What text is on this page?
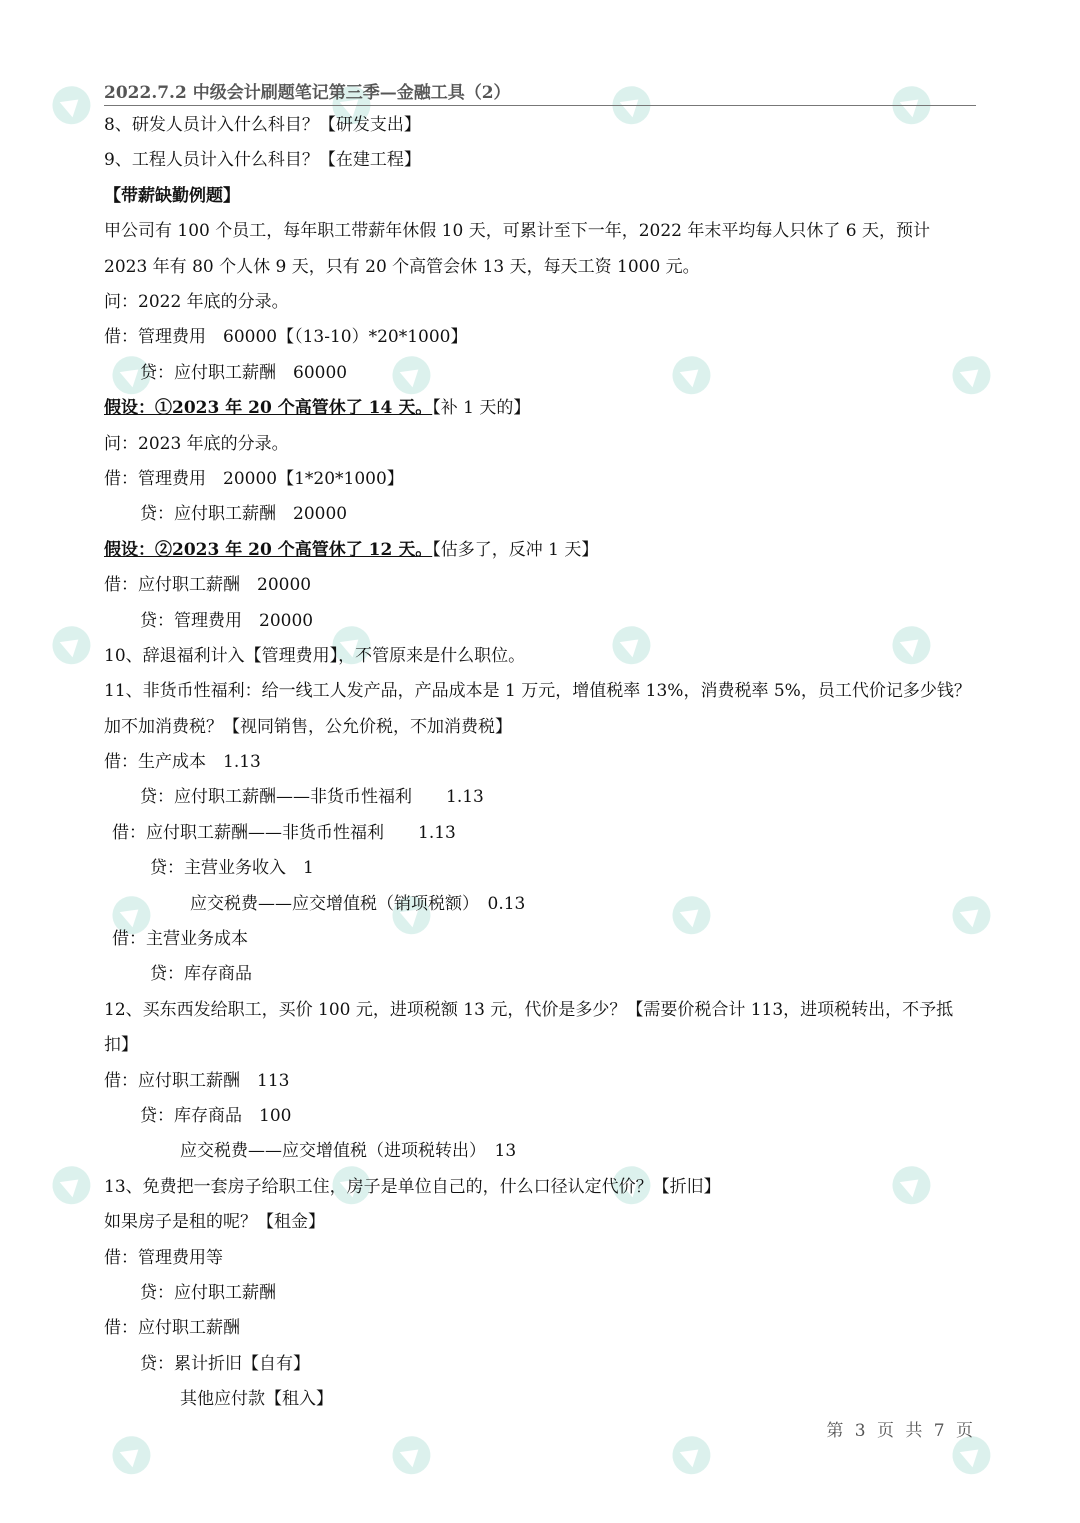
2022.7.2 中级会计刷题笔记第三季—金融工具（2）
8、研发人员计入什么科目？【研发支出】
9、工程人员计入什么科目？【在建工程】
【带薪缺勤例题】
甲公司有 100 个员工，每年职工带薪年休假 10 天，可累计至下一年，2022 年末平均每人只休了 6 天，预计 2023 年有 80 个人休 9 天，只有 20 个高管会休 13 天，每天工资 1000 元。
问：2022 年底的分录。
借：管理费用　60000【（13-10）*20*1000】
贷：应付职工薪酬　60000
假设：①2023 年 20 个高管休了 14 天。【补 1 天的】
问：2023 年底的分录。
借：管理费用　20000【1*20*1000】
贷：应付职工薪酬　20000
假设：②2023 年 20 个高管休了 12 天。【估多了，反冲 1 天】
借：应付职工薪酬　20000
贷：管理费用　20000
10、辞退福利计入【管理费用】，不管原来是什么职位。
11、非货币性福利：给一线工人发产品，产品成本是 1 万元，增值税率 13%，消费税率 5%，员工代价记多少钱？加不加消费税？【视同销售，公允价税，不加消费税】
借：生产成本　1.13
贷：应付职工薪酬——非货币性福利　　1.13
借：应付职工薪酬——非货币性福利　　1.13
贷：主营业务收入　1
应交税费——应交增值税（销项税额）　0.13
借：主营业务成本
贷：库存商品
12、买东西发给职工，买价 100 元，进项税额 13 元，代价是多少？【需要价税合计 113，进项税转出，不予抵扣】
借：应付职工薪酬　113
贷：库存商品　100
应交税费——应交增值税（进项税转出）　13
13、免费把一套房子给职工住，房子是单位自己的，什么口径认定代价？【折旧】
如果房子是租的呢？【租金】
借：管理费用等
贷：应付职工薪酬
借：应付职工薪酬
贷：累计折旧【自有】
其他应付款【租入】
第 3 页 共 7 页
